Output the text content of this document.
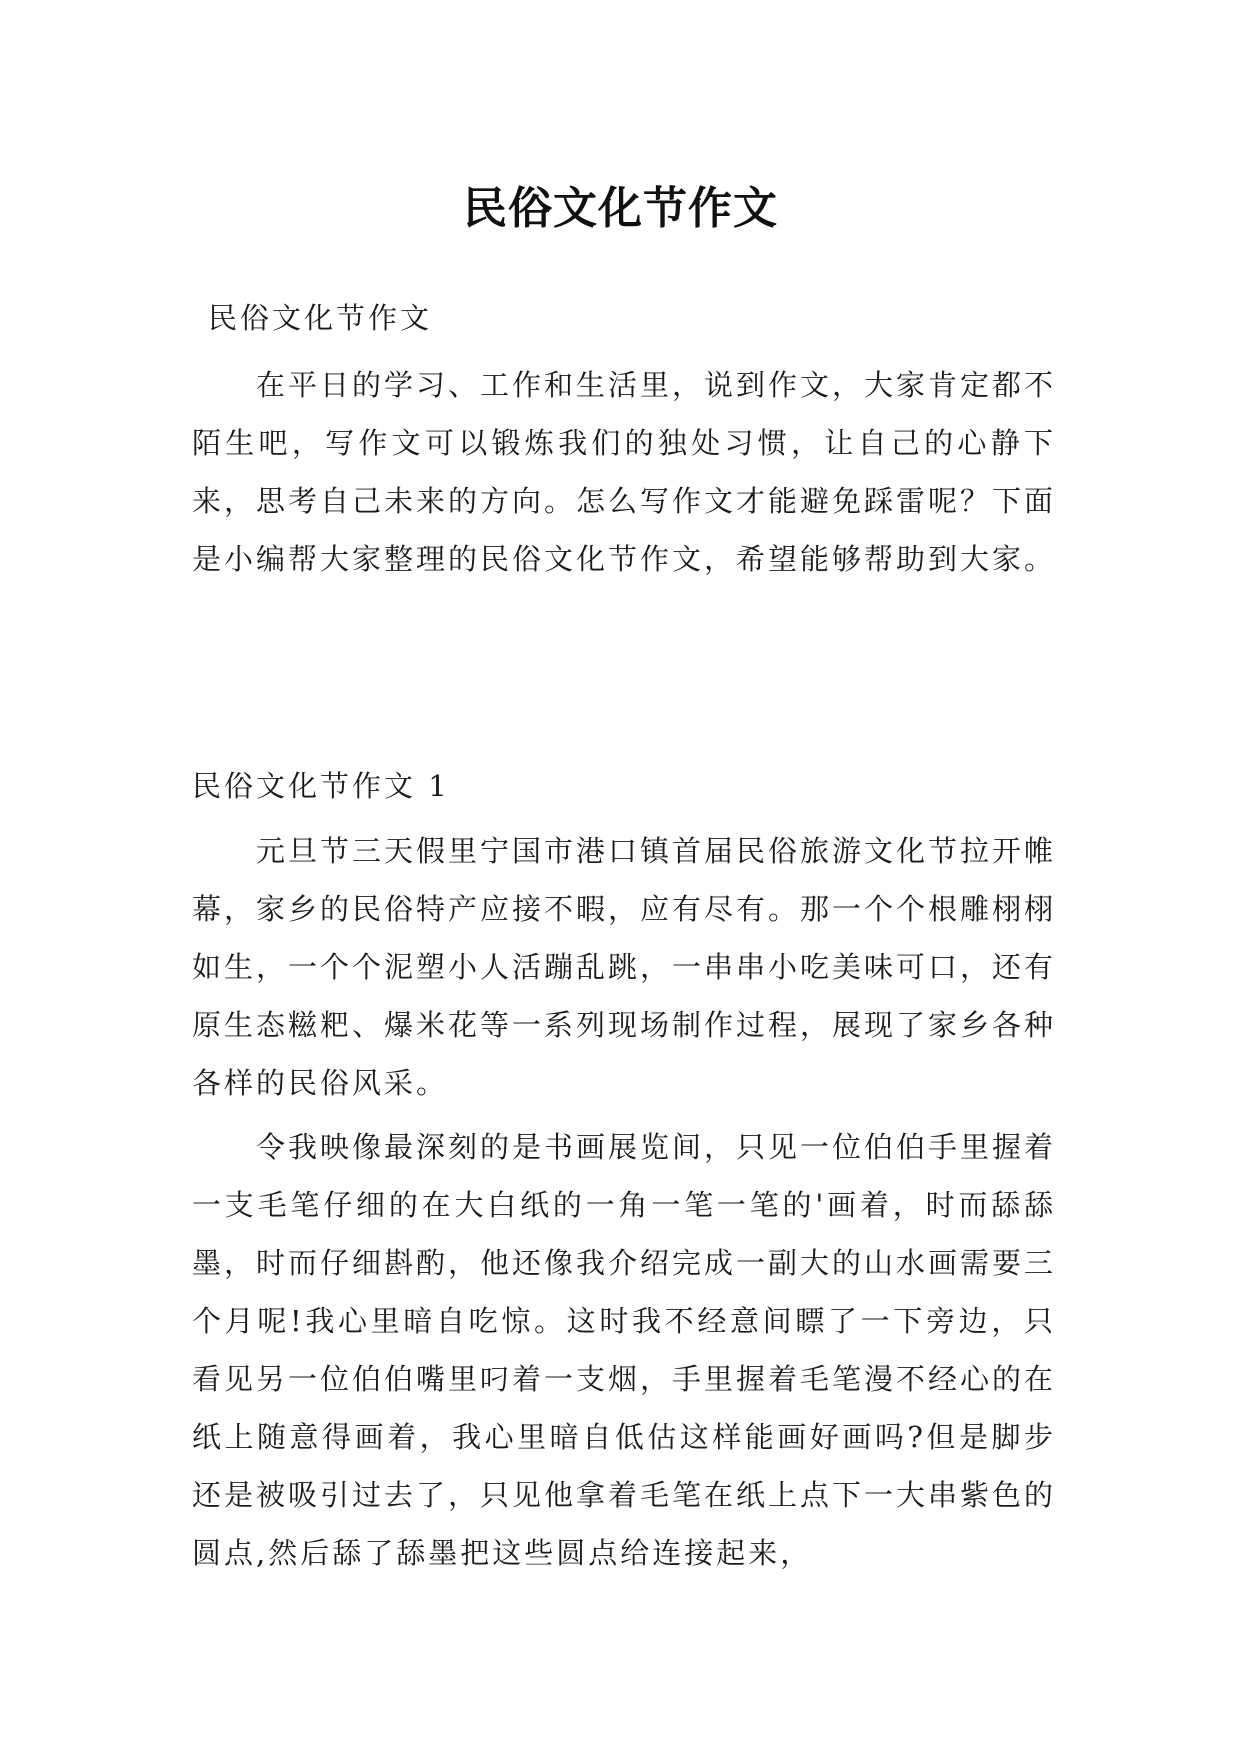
民俗文化节作文

民俗文化节作文

在平日的学习、工作和生活里，说到作文，大家肯定都不陌生吧，写作文可以锻炼我们的独处习惯，让自己的心静下来，思考自己未来的方向。怎么写作文才能避免踩雷呢？下面是小编帮大家整理的民俗文化节作文，希望能够帮助到大家。

民俗文化节作文 1

元旦节三天假里宁国市港口镇首届民俗旅游文化节拉开帷幕，家乡的民俗特产应接不暇，应有尽有。那一个个根雕栩栩如生，一个个泥塑小人活蹦乱跳，一串串小吃美味可口，还有原生态糍粑、爆米花等一系列现场制作过程，展现了家乡各种各样的民俗风采。

令我映像最深刻的是书画展览间，只见一位伯伯手里握着一支毛笔仔细的在大白纸的一角一笔一笔的'画着，时而舔舔墨，时而仔细斟酌，他还像我介绍完成一副大的山水画需要三个月呢!我心里暗自吃惊。这时我不经意间瞟了一下旁边，只看见另一位伯伯嘴里叼着一支烟，手里握着毛笔漫不经心的在纸上随意得画着，我心里暗自低估这样能画好画吗?但是脚步还是被吸引过去了，只见他拿着毛笔在纸上点下一大串紫色的圆点,然后舔了舔墨把这些圆点给连接起来，
